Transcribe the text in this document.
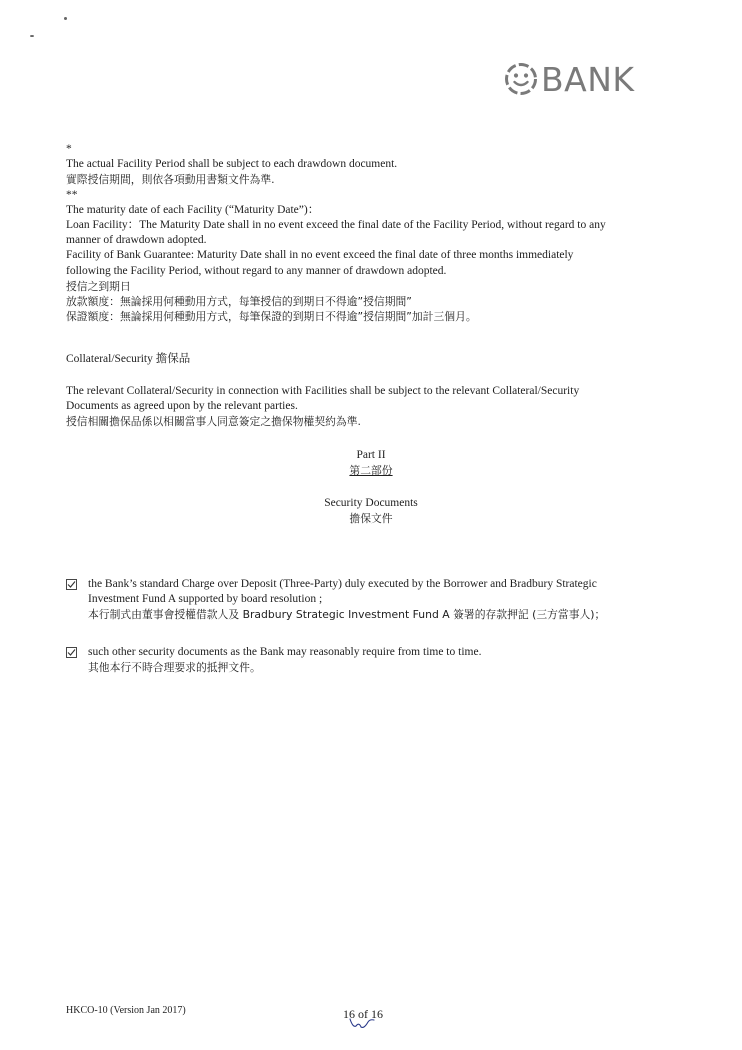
BANK
*
The actual Facility Period shall be subject to each drawdown document.
實際授信期間，則依各項動用書類文件為準.
**
The maturity date of each Facility (“Maturity Date”)：
Loan Facility：The Maturity Date shall in no event exceed the final date of the Facility Period, without regard to any
manner of drawdown adopted.
Facility of Bank Guarantee: Maturity Date shall in no event exceed the final date of three months immediately
following the Facility Period, without regard to any manner of drawdown adopted.
授信之到期日
放款額度：無論採用何種動用方式，每筆授信的到期日不得逾”授信期間”
保證額度：無論採用何種動用方式，每筆保證的到期日不得逾”授信期間”加計三個月。
Collateral/Security 擔保品
The relevant Collateral/Security in connection with Facilities shall be subject to the relevant Collateral/Security
Documents as agreed upon by the relevant parties.
授信相關擔保品係以相關當事人同意簽定之擔保物權契約為準.
Part II
第二部份
Security Documents
擔保文件
the Bank’s standard Charge over Deposit (Three-Party) duly executed by the Borrower and Bradbury Strategic
Investment Fund A supported by board resolution ;
本行制式由董事會授權借款人及 Bradbury Strategic Investment Fund A 簽署的存款押記 (三方當事人)；
such other security documents as the Bank may reasonably require from time to time.
其他本行不時合理要求的抵押文件。
HKCO-10 (Version Jan 2017)	16 of 16
